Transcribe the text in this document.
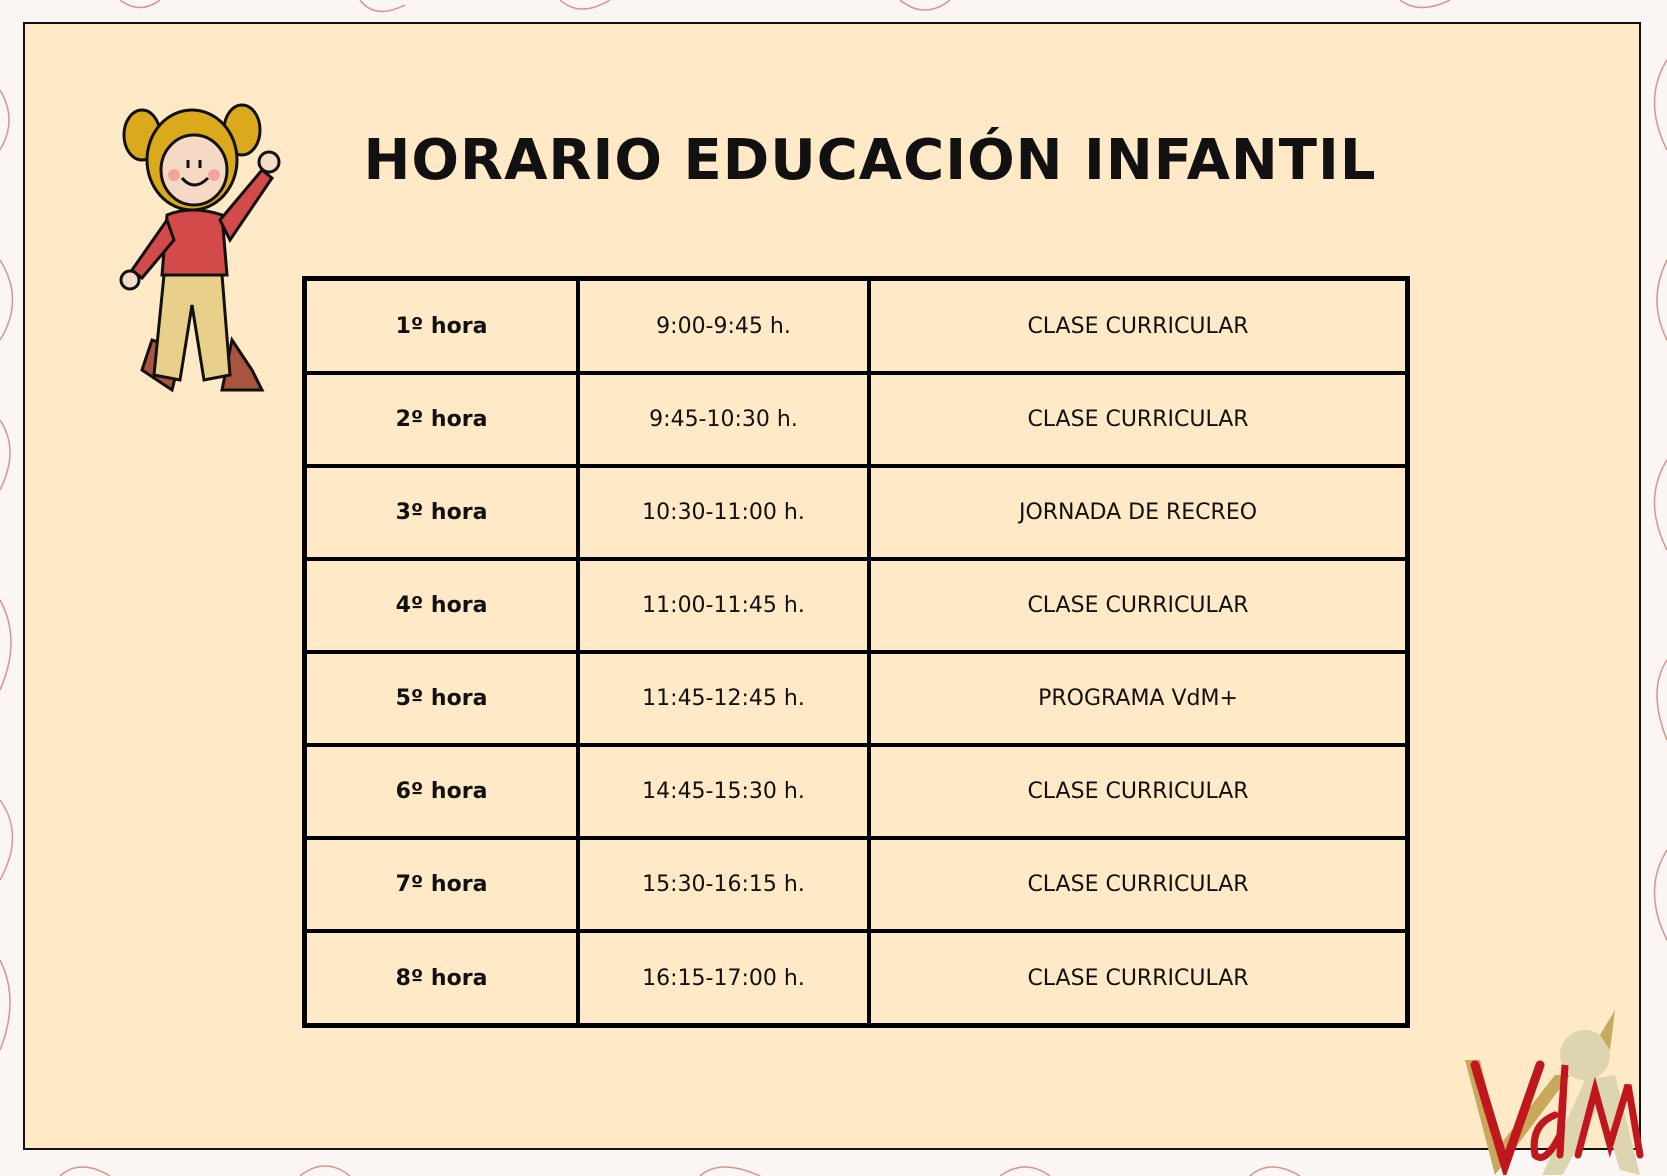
HORARIO EDUCACIÓN INFANTIL
1º hora	9:00-9:45 h.	CLASE CURRICULAR
2º hora	9:45-10:30 h.	CLASE CURRICULAR
3º hora	10:30-11:00 h.	JORNADA DE RECREO
4º hora	11:00-11:45 h.	CLASE CURRICULAR
5º hora	11:45-12:45 h.	PROGRAMA VdM+
6º hora	14:45-15:30 h.	CLASE CURRICULAR
7º hora	15:30-16:15 h.	CLASE CURRICULAR
8º hora	16:15-17:00 h.	CLASE CURRICULAR
